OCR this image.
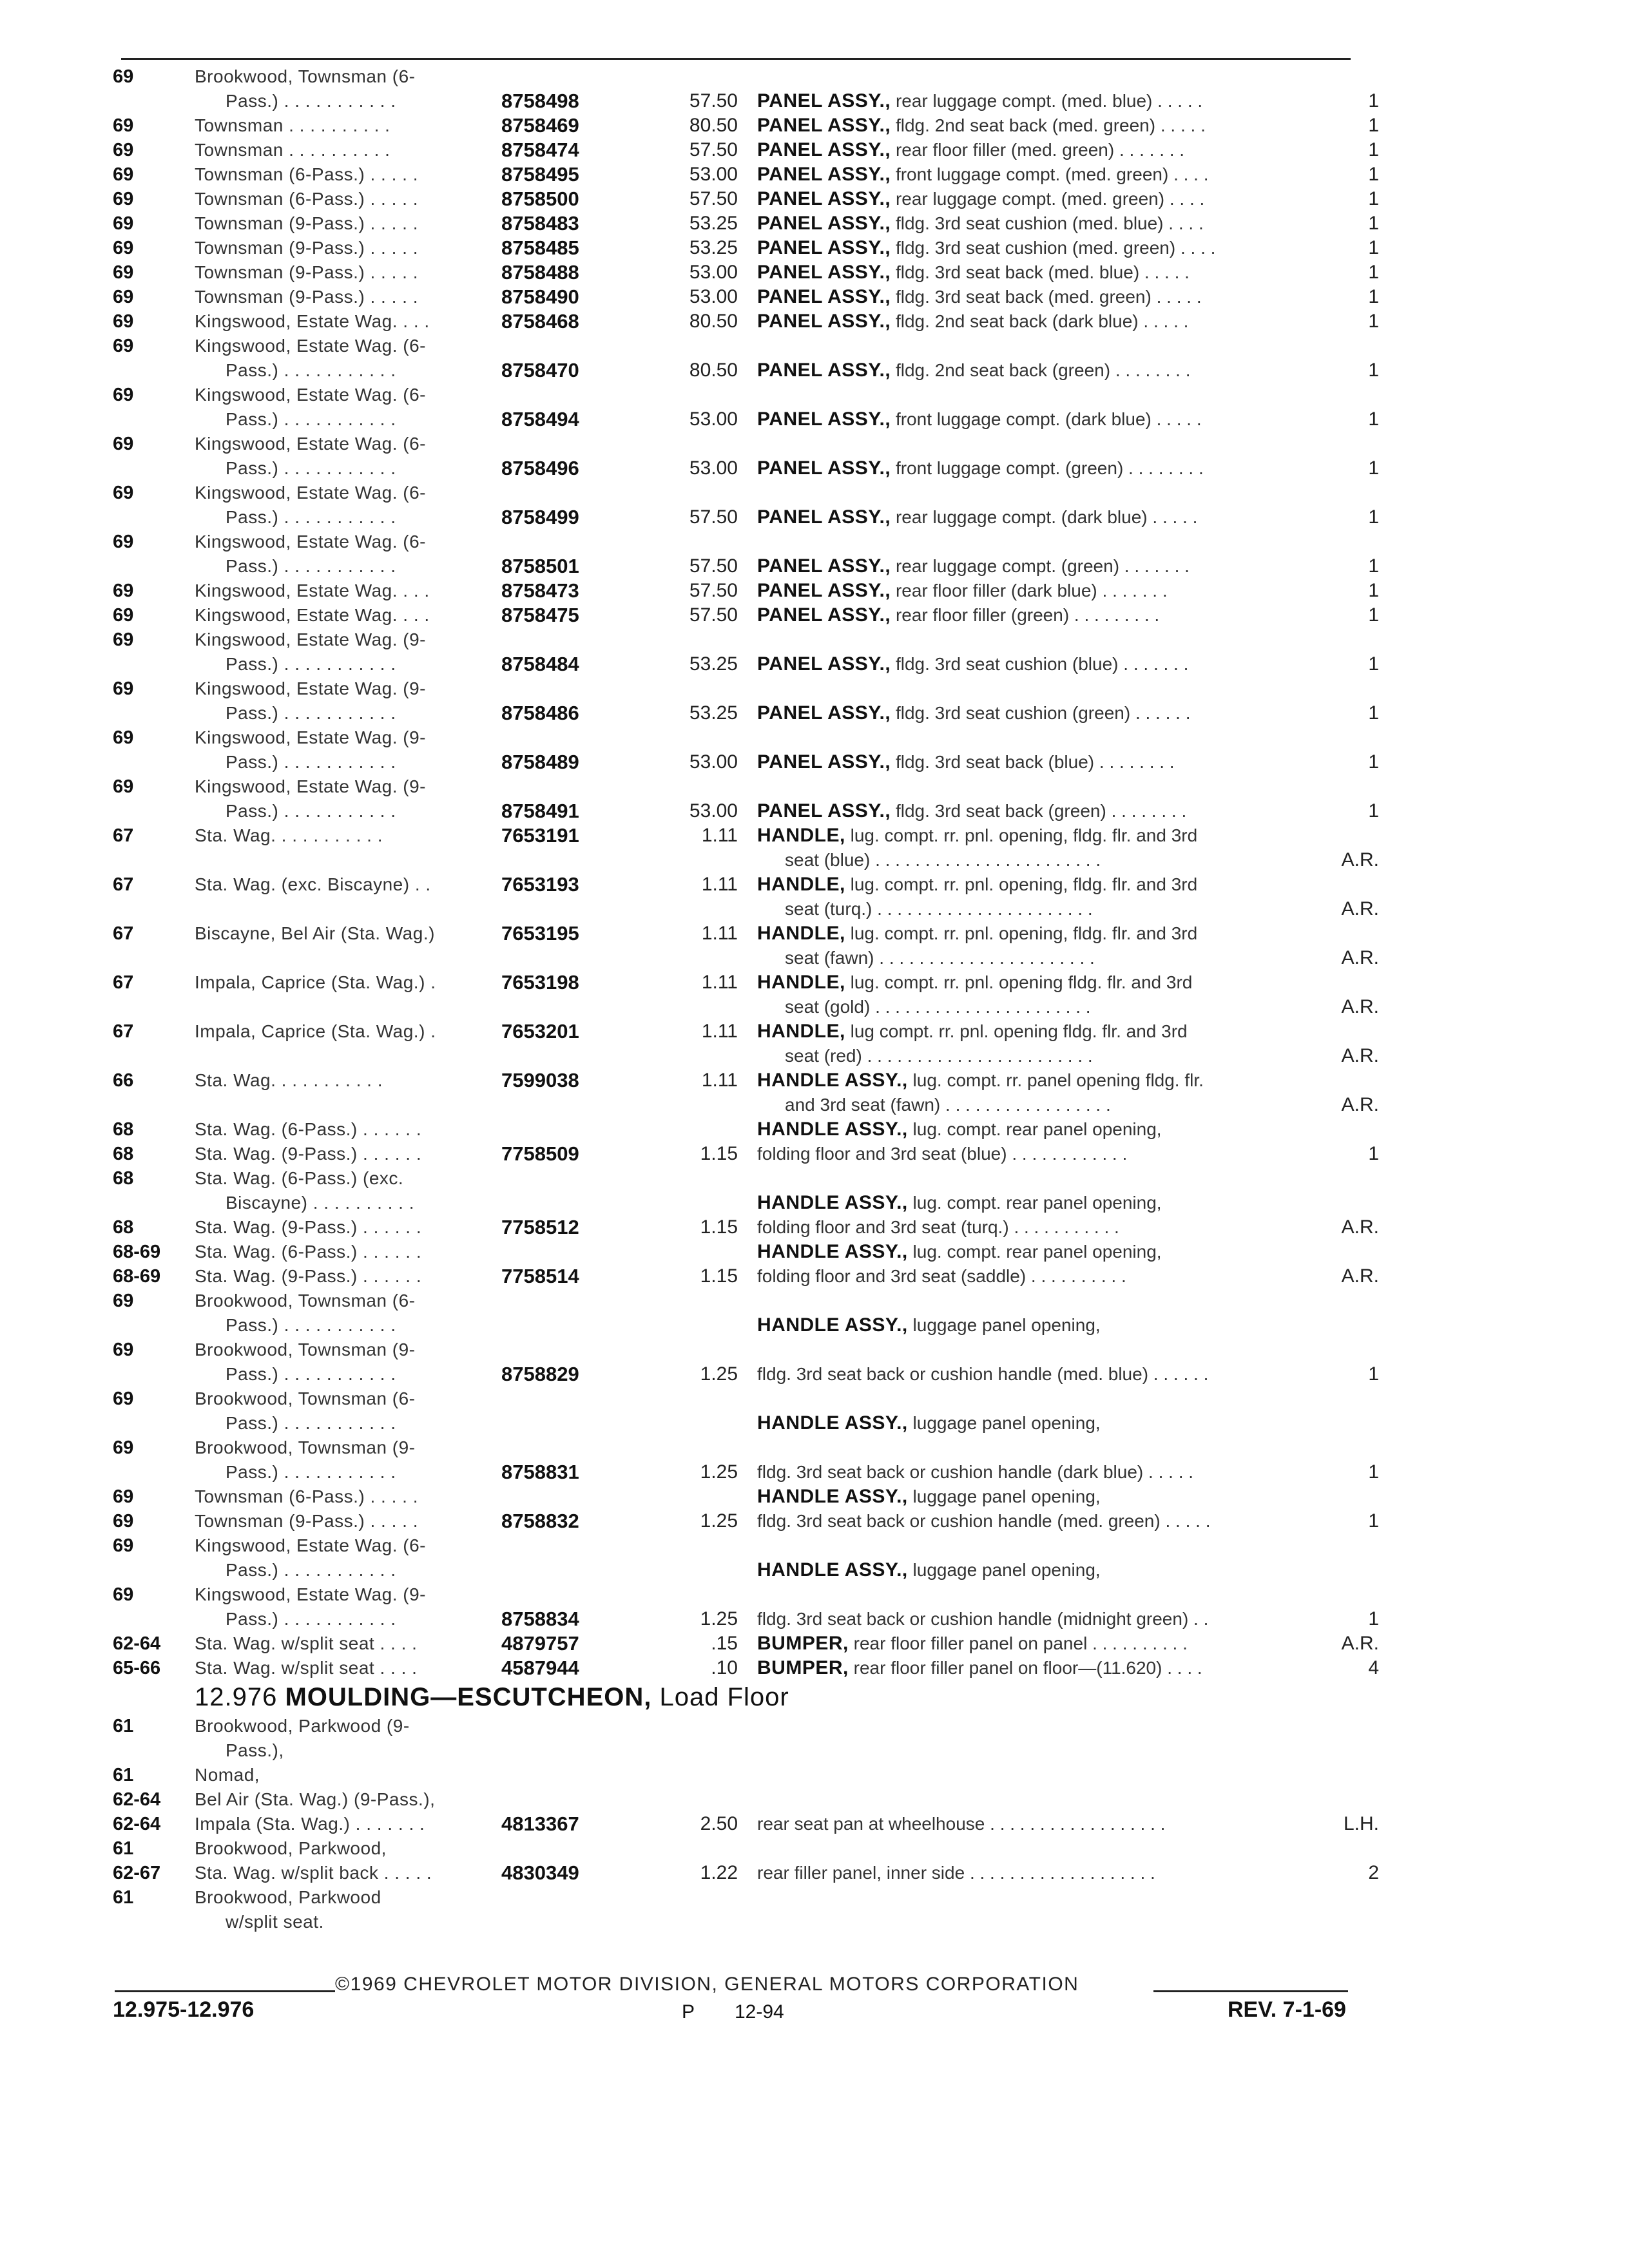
69	Brookwood, Townsman (6-
Pass.) . . . . . . . . . . .	8758498	57.50 PANEL ASSY., rear luggage compt. (med. blue) . . . . .	1
69	Townsman . . . . . . . . . .	8758469	80.50 PANEL ASSY., fldg. 2nd seat back (med. green) . . . . .	1
69	Townsman . . . . . . . . . .	8758474	57.50 PANEL ASSY., rear floor filler (med. green) . . . . . . .	1
69	Townsman (6-Pass.) . . . . .	8758495	53.00 PANEL ASSY., front luggage compt. (med. green) . . . .	1
69	Townsman (6-Pass.) . . . . .	8758500	57.50 PANEL ASSY., rear luggage compt. (med. green) . . . .	1
69	Townsman (9-Pass.) . . . . .	8758483	53.25 PANEL ASSY., fldg. 3rd seat cushion (med. blue) . . . .	1
69	Townsman (9-Pass.) . . . . .	8758485	53.25 PANEL ASSY., fldg. 3rd seat cushion (med. green) . . . .	1
69	Townsman (9-Pass.) . . . . .	8758488	53.00 PANEL ASSY., fldg. 3rd seat back (med. blue) . . . . .	1
69	Townsman (9-Pass.) . . . . .	8758490	53.00 PANEL ASSY., fldg. 3rd seat back (med. green) . . . . .	1
69	Kingswood, Estate Wag. . . .	8758468	80.50 PANEL ASSY., fldg. 2nd seat back (dark blue) . . . . .	1
69	Kingswood, Estate Wag. (6-
Pass.) . . . . . . . . . . .	8758470	80.50 PANEL ASSY., fldg. 2nd seat back (green) . . . . . . . .	1
69	Kingswood, Estate Wag. (6-
Pass.) . . . . . . . . . . .	8758494	53.00 PANEL ASSY., front luggage compt. (dark blue) . . . . .	1
69	Kingswood, Estate Wag. (6-
Pass.) . . . . . . . . . . .	8758496	53.00 PANEL ASSY., front luggage compt. (green) . . . . . . . .	1
69	Kingswood, Estate Wag. (6-
Pass.) . . . . . . . . . . .	8758499	57.50 PANEL ASSY., rear luggage compt. (dark blue) . . . . .	1
69	Kingswood, Estate Wag. (6-
Pass.) . . . . . . . . . . .	8758501	57.50 PANEL ASSY., rear luggage compt. (green) . . . . . . .	1
69	Kingswood, Estate Wag. . . .	8758473	57.50 PANEL ASSY., rear floor filler (dark blue) . . . . . . .	1
69	Kingswood, Estate Wag. . . .	8758475	57.50 PANEL ASSY., rear floor filler (green) . . . . . . . . .	1
69	Kingswood, Estate Wag. (9-
Pass.) . . . . . . . . . . .	8758484	53.25 PANEL ASSY., fldg. 3rd seat cushion (blue) . . . . . . .	1
69	Kingswood, Estate Wag. (9-
Pass.) . . . . . . . . . . .	8758486	53.25 PANEL ASSY., fldg. 3rd seat cushion (green) . . . . . .	1
69	Kingswood, Estate Wag. (9-
Pass.) . . . . . . . . . . .	8758489	53.00 PANEL ASSY., fldg. 3rd seat back (blue) . . . . . . . .	1
69	Kingswood, Estate Wag. (9-
Pass.) . . . . . . . . . . .	8758491	53.00 PANEL ASSY., fldg. 3rd seat back (green) . . . . . . . .	1
67	Sta. Wag. . . . . . . . . . .	7653191	1.11 HANDLE, lug. compt. rr. pnl. opening, fldg. flr. and 3rd
seat (blue) . . . . . . . . . . . . . . . . . . . . . . .	A.R.
67	Sta. Wag. (exc. Biscayne) . .	7653193	1.11 HANDLE, lug. compt. rr. pnl. opening, fldg. flr. and 3rd
seat (turq.) . . . . . . . . . . . . . . . . . . . . . .	A.R.
67	Biscayne, Bel Air (Sta. Wag.)	7653195	1.11 HANDLE, lug. compt. rr. pnl. opening, fldg. flr. and 3rd
seat (fawn) . . . . . . . . . . . . . . . . . . . . . .	A.R.
67	Impala, Caprice (Sta. Wag.) .	7653198	1.11 HANDLE, lug. compt. rr. pnl. opening fldg. flr. and 3rd
seat (gold) . . . . . . . . . . . . . . . . . . . . . .	A.R.
67	Impala, Caprice (Sta. Wag.) .	7653201	1.11 HANDLE, lug compt. rr. pnl. opening fldg. flr. and 3rd
seat (red) . . . . . . . . . . . . . . . . . . . . . . .	A.R.
66	Sta. Wag. . . . . . . . . . .	7599038	1.11 HANDLE ASSY., lug. compt. rr. panel opening fldg. flr.
and 3rd seat (fawn) . . . . . . . . . . . . . . . . .	A.R.
68	Sta. Wag. (6-Pass.) . . . . . .	HANDLE ASSY., lug. compt. rear panel opening,
68	Sta. Wag. (9-Pass.) . . . . . .	7758509	1.15 folding floor and 3rd seat (blue) . . . . . . . . . . . .	1
68	Sta. Wag. (6-Pass.) (exc.
Biscayne) . . . . . . . . . .	HANDLE ASSY., lug. compt. rear panel opening,
68	Sta. Wag. (9-Pass.) . . . . . .	7758512	1.15 folding floor and 3rd seat (turq.) . . . . . . . . . . .	A.R.
68-69 Sta. Wag. (6-Pass.) . . . . . .	HANDLE ASSY., lug. compt. rear panel opening,
68-69 Sta. Wag. (9-Pass.) . . . . . .	7758514	1.15 folding floor and 3rd seat (saddle) . . . . . . . . . .	A.R.
69	Brookwood, Townsman (6-
Pass.) . . . . . . . . . . .	HANDLE ASSY., luggage panel opening,
69	Brookwood, Townsman (9-
Pass.) . . . . . . . . . . .	8758829	1.25 fldg. 3rd seat back or cushion handle (med. blue) . . . . . .	1
69	Brookwood, Townsman (6-
Pass.) . . . . . . . . . . .	HANDLE ASSY., luggage panel opening,
69	Brookwood, Townsman (9-
Pass.) . . . . . . . . . . .	8758831	1.25 fldg. 3rd seat back or cushion handle (dark blue) . . . . .	1
69	Townsman (6-Pass.) . . . . .	HANDLE ASSY., luggage panel opening,
69	Townsman (9-Pass.) . . . . .	8758832	1.25 fldg. 3rd seat back or cushion handle (med. green) . . . . .	1
69	Kingswood, Estate Wag. (6-
Pass.) . . . . . . . . . . .	HANDLE ASSY., luggage panel opening,
69	Kingswood, Estate Wag. (9-
Pass.) . . . . . . . . . . .	8758834	1.25 fldg. 3rd seat back or cushion handle (midnight green) . .	1
62-64 Sta. Wag. w/split seat . . . .	4879757	.15 BUMPER, rear floor filler panel on panel . . . . . . . . . .	A.R.
65-66 Sta. Wag. w/split seat . . . .	4587944	.10 BUMPER, rear floor filler panel on floor—(11.620) . . . .	4
12.976 MOULDING—ESCUTCHEON, Load Floor
61	Brookwood, Parkwood (9-
Pass.),
61	Nomad,
62-64 Bel Air (Sta. Wag.) (9-Pass.),
62-64 Impala (Sta. Wag.) . . . . . . .	4813367	2.50 rear seat pan at wheelhouse . . . . . . . . . . . . . . . . . .	L.H.
61	Brookwood, Parkwood,
62-67 Sta. Wag. w/split back . . . . .	4830349	1.22 rear filler panel, inner side . . . . . . . . . . . . . . . . . . .	2
61	Brookwood, Parkwood
w/split seat.
©1969 CHEVROLET MOTOR DIVISION, GENERAL MOTORS CORPORATION
12.975-12.976	P 12-94	REV. 7-1-69
